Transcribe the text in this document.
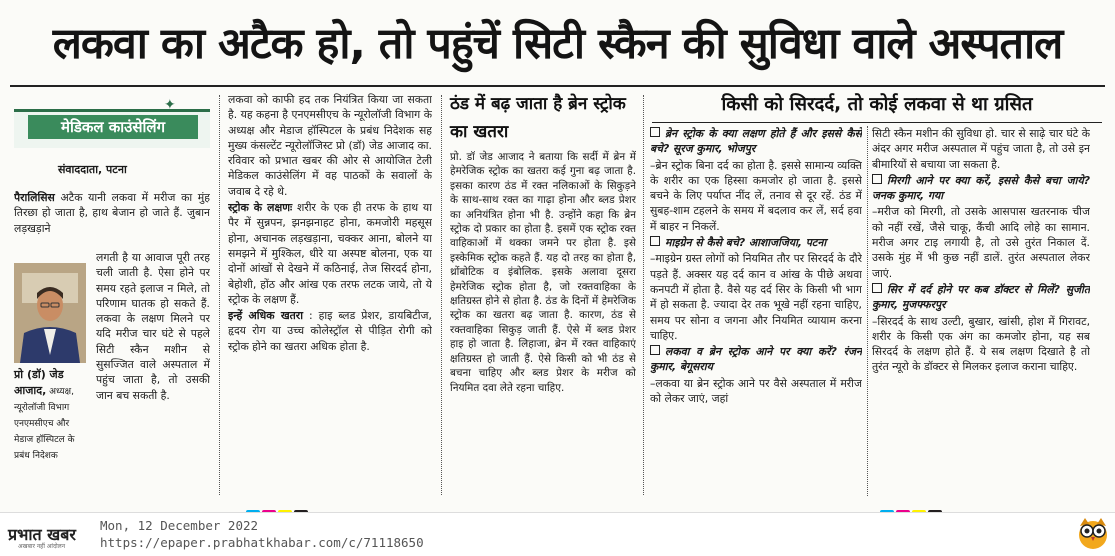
लकवा का अटैक हो, तो पहुंचें सिटी स्कैन की सुविधा वाले अस्पताल
मेडिकल काउंसेलिंग
✦
संवाददाता, पटना
पैरालिसिस अटैक यानी लकवा में मरीज का मुंह तिरछा हो जाता है, हाथ बेजान हो जाते हैं. जुबान लड़खड़ाने
लगती है या आवाज पूरी तरह चली जाती है. ऐसा होने पर समय रहते इलाज न मिले, तो परिणाम घातक हो सकते हैं. लकवा के लक्षण मिलने पर यदि मरीज चार घंटे से पहले सिटी स्कैन मशीन से सुसज्जित वाले अस्पताल में पहुंच जाता है, तो उसकी जान बच सकती है.
प्रो (डॉ) जेड आजाद, अध्यक्ष, न्यूरोलॉजी विभाग एनएमसीएच और मेडाज हॉस्पिटल के प्रबंध निदेशक

लकवा को काफी हद तक नियंत्रित किया जा सकता है. यह कहना है एनएमसीएच के न्यूरोलॉजी विभाग के अध्यक्ष और मेडाज हॉस्पिटल के प्रबंध निदेशक सह मुख्य कंसल्टेंट न्यूरोलॉजिस्ट प्रो (डॉ) जेड आजाद का. रविवार को प्रभात खबर की ओर से आयोजित टेली मेडिकल काउंसेलिंग में वह पाठकों के सवालों के जवाब दे रहे थे.

स्ट्रोक के लक्षणः शरीर के एक ही तरफ के हाथ या पैर में सुन्नपन, झनझनाहट होना, कमजोरी महसूस होना, अचानक लड़खड़ाना, चक्कर आना, बोलने या समझने में मुश्किल, धीरे या अस्पष्ट बोलना, एक या दोनों आंखों से देखने में कठिनाई, तेज सिरदर्द होना, बेहोशी, होंठ और आंख एक तरफ लटक जाये, तो ये स्ट्रोक के लक्षण हैं.

इन्हें अधिक खतरा : हाइ ब्लड प्रेशर, डायबिटीज, हृदय रोग या उच्च कोलेस्ट्रॉल से पीड़ित रोगी को स्ट्रोक होने का खतरा अधिक होता है.

ठंड में बढ़ जाता है ब्रेन स्ट्रोक का खतरा
प्रो. डॉ जेड आजाद ने बताया कि सर्दी में ब्रेन में हेमरेजिक स्ट्रोक का खतरा कई गुना बढ़ जाता है. इसका कारण ठंड में रक्त नलिकाओं के सिकुड़ने के साथ-साथ रक्त का गाढ़ा होना और ब्लड प्रेशर का अनियंत्रित होना भी है. उन्होंने कहा कि ब्रेन स्ट्रोक दो प्रकार का होता है. इसमें एक स्ट्रोक रक्त वाहिकाओं में थक्का जमने पर होता है. इसे इस्केमिक स्ट्रोक कहते हैं. यह दो तरह का होता है, थ्रोंबोटिक व इंबोलिक. इसके अलावा दूसरा हेमरेजिक स्ट्रोक होता है, जो रक्तवाहिका के क्षतिग्रस्त होने से होता है. ठंड के दिनों में हेमरेजिक स्ट्रोक का खतरा बढ़ जाता है. कारण, ठंड से रक्तवाहिका सिकुड़ जाती हैं. ऐसे में ब्लड प्रेशर हाइ हो जाता है. लिहाजा, ब्रेन में रक्त वाहिकाएं क्षतिग्रस्त हो जाती हैं. ऐसे किसी को भी ठंड से बचना चाहिए और ब्लड प्रेशर के मरीज को नियमित दवा लेते रहना चाहिए.
किसी को सिरदर्द, तो कोई लकवा से था ग्रसित

ब्रेन स्ट्रोक के क्या लक्षण होते हैं और इससे कैसे बचे? सूरज कुमार, भोजपुर

–ब्रेन स्ट्रोक बिना दर्द का होता है. इससे सामान्य व्यक्ति के शरीर का एक हिस्सा कमजोर हो जाता है. इससे बचने के लिए पर्याप्त नींद लें, तनाव से दूर रहें. ठंड में सुबह-शाम टहलने के समय में बदलाव कर लें, सर्द हवा में बाहर न निकलें.

माइग्रेन से कैसे बचे? आशाजजिया, पटना

–माइग्रेन ग्रस्त लोगों को नियमित तौर पर सिरदर्द के दौरे पड़ते हैं. अक्सर यह दर्द कान व आंख के पीछे अथवा कनपटी में होता है. वैसे यह दर्द सिर के किसी भी भाग में हो सकता है. ज्यादा देर तक भूखे नहीं रहना चाहिए, समय पर सोना व जगना और नियमित व्यायाम करना चाहिए.

लकवा व ब्रेन स्ट्रोक आने पर क्या करें? रंजन कुमार, बेगूसराय

–लकवा या ब्रेन स्ट्रोक आने पर वैसे अस्पताल में मरीज को लेकर जाएं, जहां

सिटी स्कैन मशीन की सुविधा हो. चार से साढ़े चार घंटे के अंदर अगर मरीज अस्पताल में पहुंच जाता है, तो उसे इन बीमारियों से बचाया जा सकता है.

मिरगी आने पर क्या करें, इससे कैसे बचा जाये? जनक कुमार, गया

–मरीज को मिरगी, तो उसके आसपास खतरनाक चीज को नहीं रखें, जैसे चाकू, कैंची आदि लोहे का सामान. मरीज अगर टाइ लगायी है, तो उसे तुरंत निकाल दें. उसके मुंह में भी कुछ नहीं डालें. तुरंत अस्पताल लेकर जाएं.

सिर में दर्द होने पर कब डॉक्टर से मिलें? सुजीत कुमार, मुजफ्फरपुर

–सिरदर्द के साथ उल्टी, बुखार, खांसी, होश में गिरावट, शरीर के किसी एक अंग का कमजोर होना, यह सब सिरदर्द के लक्षण होते हैं. ये सब लक्षण दिखाते है तो तुरंत न्यूरो के डॉक्टर से मिलकर इलाज कराना चाहिए.

प्रभात खबर
अखबार नहीं आंदोलन
Mon, 12 December 2022
https://epaper.prabhatkhabar.com/c/71118650
